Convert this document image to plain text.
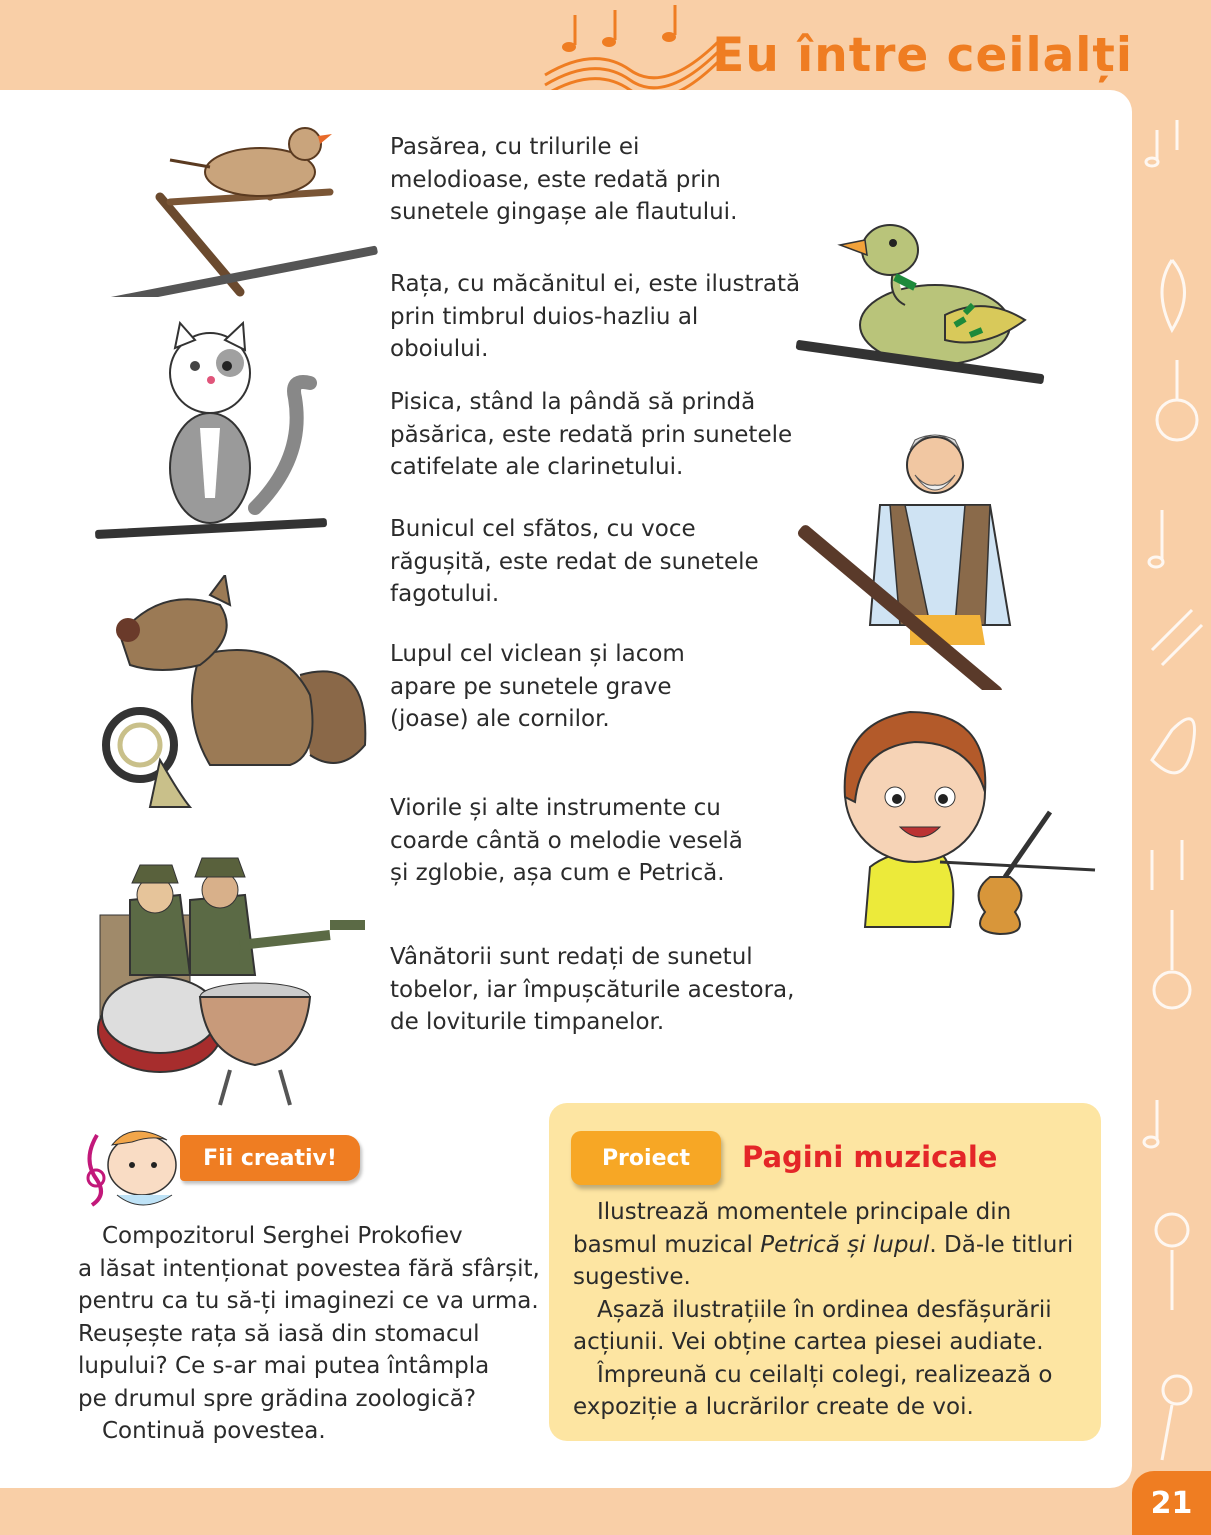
Eu între ceilalți
Pasărea, cu trilurile ei
melodioase, este redată prin
sunetele gingașe ale flautului.
Rața, cu măcănitul ei, este ilustrată
prin timbrul duios-hazliu al
oboiului.
Pisica, stând la pândă să prindă
păsărica, este redată prin sunetele
catifelate ale clarinetului.
Bunicul cel sfătos, cu voce
răgușită, este redat de sunetele
fagotului.
Lupul cel viclean și lacom
apare pe sunetele grave
(joase) ale cornilor.
Viorile și alte instrumente cu
coarde cântă o melodie veselă
și zglobie, așa cum e Petrică.
Vânătorii sunt redați de sunetul
tobelor, iar împușcăturile acestora,
de loviturile timpanelor.
Fii creativ!
Compozitorul Serghei Prokofiev
a lăsat intenționat povestea fără sfârșit,
pentru ca tu să-ți imaginezi ce va urma.
Reușește rața să iasă din stomacul
lupului? Ce s-ar mai putea întâmpla
pe drumul spre grădina zoologică?
Continuă povestea.
Proiect	Pagini muzicale
Ilustrează momentele principale din
basmul muzical Petrică și lupul. Dă-le titluri
sugestive.
Așază ilustrațiile în ordinea desfășurării
acțiunii. Vei obține cartea piesei audiate.
Împreună cu ceilalți colegi, realizează o
expoziție a lucrărilor create de voi.
21
